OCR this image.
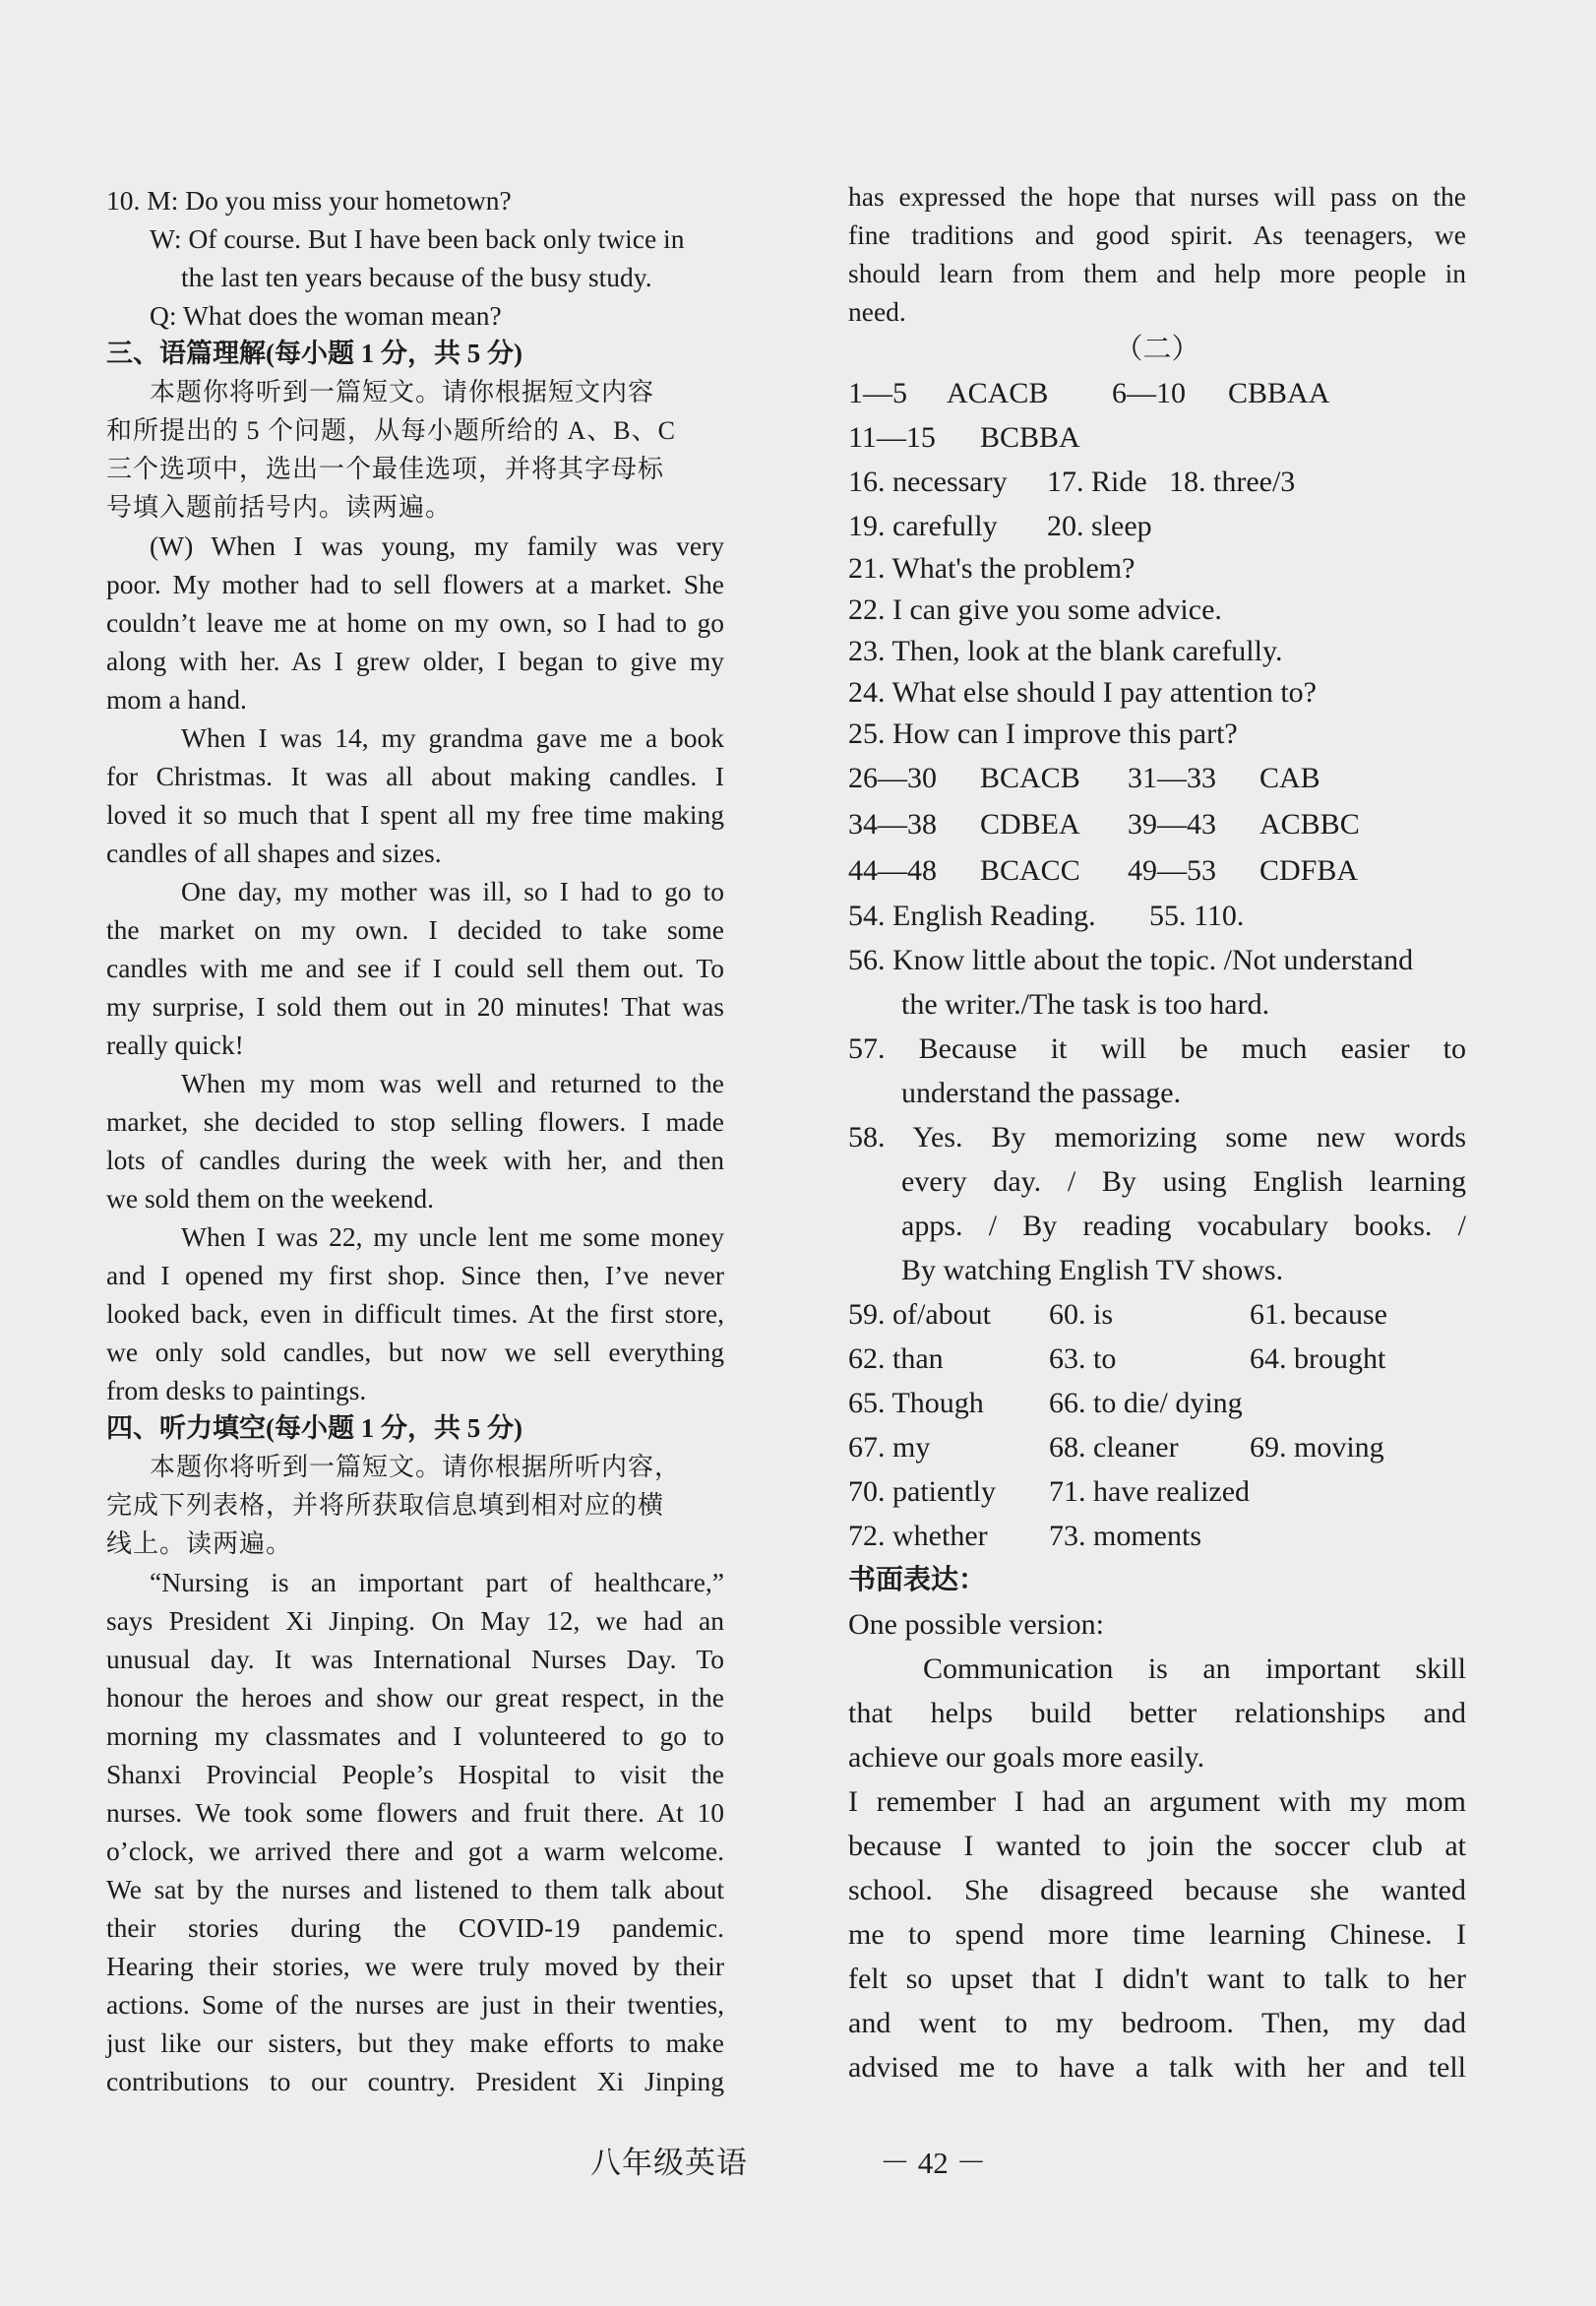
10. M: Do you miss your hometown?
W: Of course. But I have been back only twice in
the last ten years because of the busy study.
Q: What does the woman mean?
三、语篇理解(每小题 1 分，共 5 分)
本题你将听到一篇短文。请你根据短文内容
和所提出的 5 个问题，从每小题所给的 A、B、C
三个选项中，选出一个最佳选项，并将其字母标
号填入题前括号内。读两遍。
(W) When I was young, my family was very
poor. My mother had to sell flowers at a market. She
couldn’t leave me at home on my own, so I had to go
along with her. As I grew older, I began to give my
mom a hand.
When I was 14, my grandma gave me a book
for Christmas. It was all about making candles. I
loved it so much that I spent all my free time making
candles of all shapes and sizes.
One day, my mother was ill, so I had to go to
the market on my own. I decided to take some
candles with me and see if I could sell them out. To
my surprise, I sold them out in 20 minutes! That was
really quick!
When my mom was well and returned to the
market, she decided to stop selling flowers. I made
lots of candles during the week with her, and then
we sold them on the weekend.
When I was 22, my uncle lent me some money
and I opened my first shop. Since then, I’ve never
looked back, even in difficult times. At the first store,
we only sold candles, but now we sell everything
from desks to paintings.
四、听力填空(每小题 1 分，共 5 分)
本题你将听到一篇短文。请你根据所听内容，
完成下列表格，并将所获取信息填到相对应的横
线上。读两遍。
“Nursing is an important part of healthcare,”
says President Xi Jinping. On May 12, we had an
unusual day. It was International Nurses Day. To
honour the heroes and show our great respect, in the
morning my classmates and I volunteered to go to
Shanxi Provincial People’s Hospital to visit the
nurses. We took some flowers and fruit there. At 10
o’clock, we arrived there and got a warm welcome.
We sat by the nurses and listened to them talk about
their stories during the COVID-19 pandemic.
Hearing their stories, we were truly moved by their
actions. Some of the nurses are just in their twenties,
just like our sisters, but they make efforts to make
contributions to our country. President Xi Jinping
has expressed the hope that nurses will pass on the
fine traditions and good spirit. As teenagers, we
should learn from them and help more people in
need.
（二）
1—5 ACACB 6—10 CBBAA
11—15 BCBBA
16. necessary 17. Ride 18. three/3
19. carefully 20. sleep
21. What's the problem?
22. I can give you some advice.
23. Then, look at the blank carefully.
24. What else should I pay attention to?
25. How can I improve this part?
26—30 BCACB 31—33 CAB
34—38 CDBEA 39—43 ACBBC
44—48 BCACC 49—53 CDFBA
54. English Reading. 55. 110.
56. Know little about the topic. /Not understand
the writer./The task is too hard.
57. Because it will be much easier to
understand the passage.
58. Yes. By memorizing some new words
every day. / By using English learning
apps. / By reading vocabulary books. /
By watching English TV shows.
59. of/about 60. is	61. because
62. than	63. to	64. brought
65. Though 66. to die/ dying
67. my	68. cleaner 69. moving
70. patiently 71. have realized
72. whether 73. moments
书面表达：
One possible version:
Communication is an important skill
that helps build better relationships and
achieve our goals more easily.
I remember I had an argument with my mom
because I wanted to join the soccer club at
school. She disagreed because she wanted
me to spend more time learning Chinese. I
felt so upset that I didn't want to talk to her
and went to my bedroom. Then, my dad
advised me to have a talk with her and tell
八年级英语	－ 42 －
